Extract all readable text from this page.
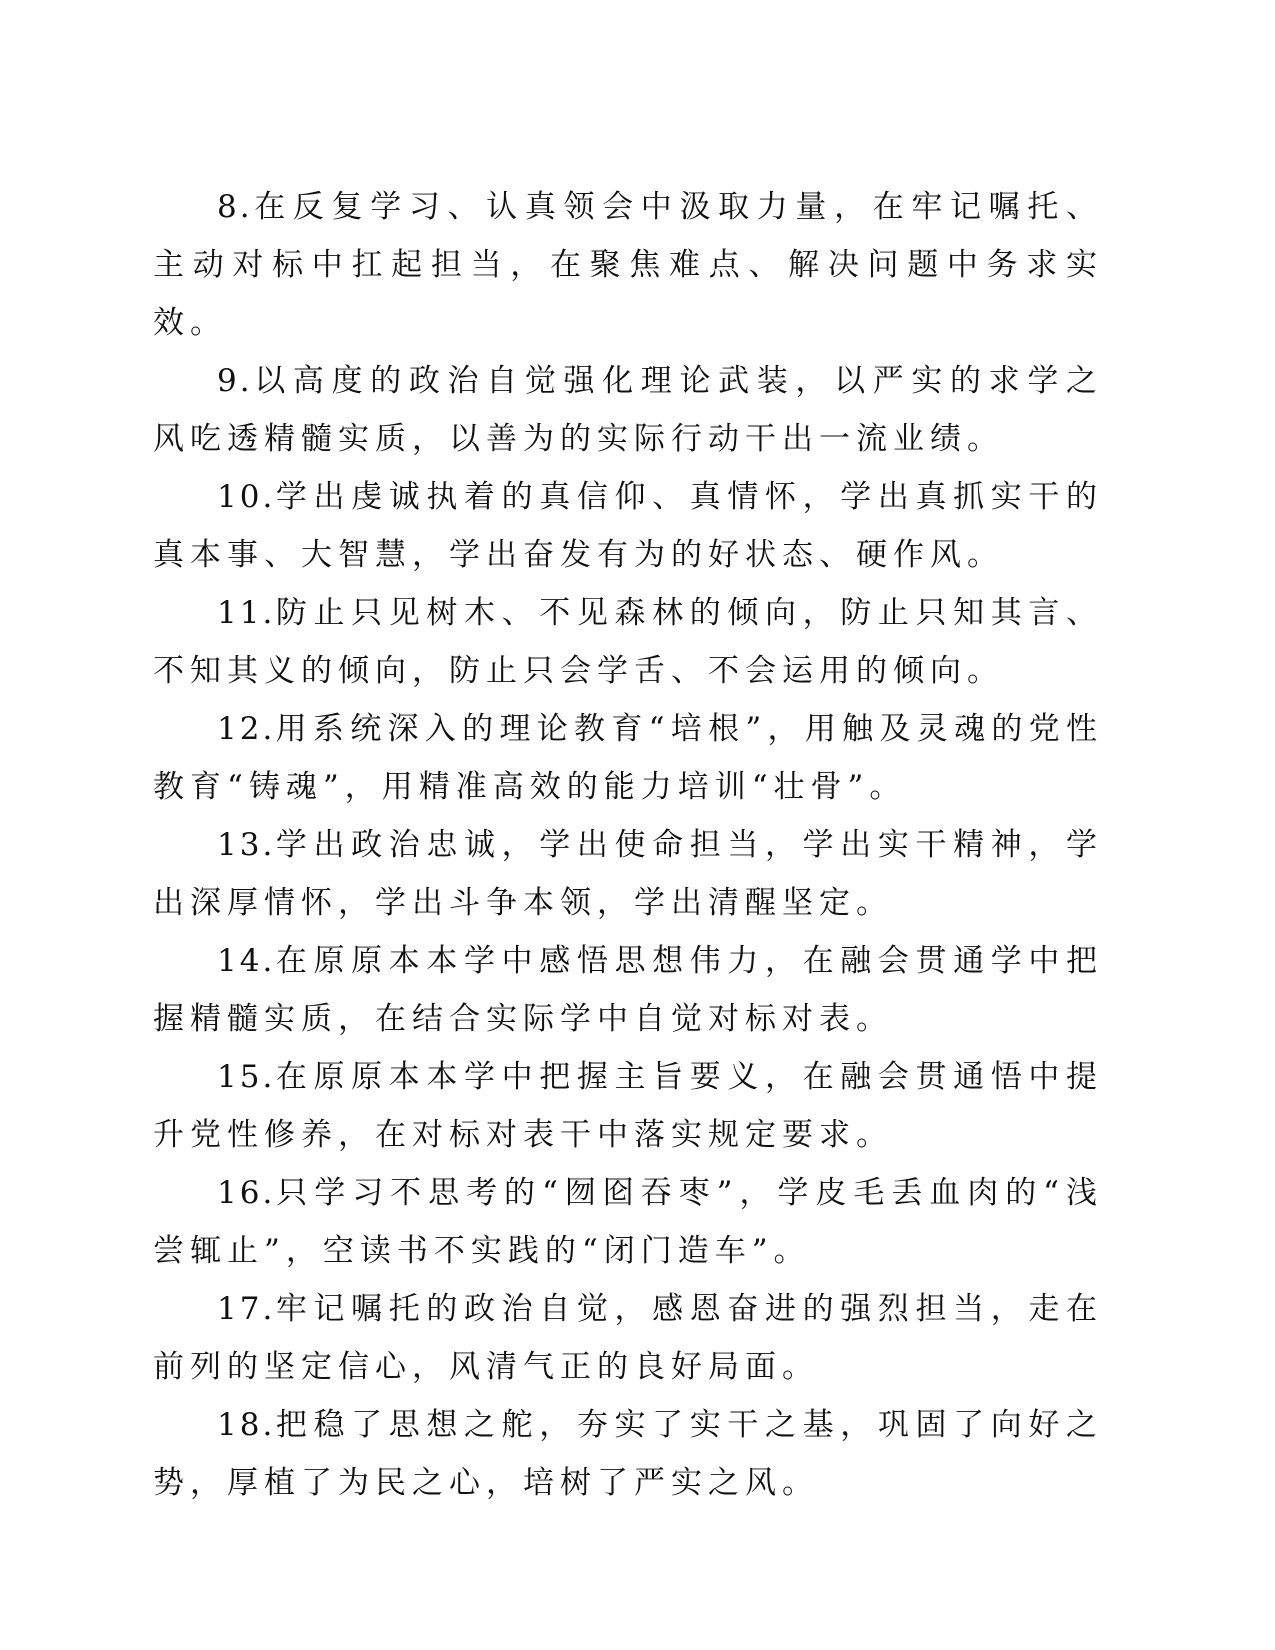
8.在反复学习、认真领会中汲取力量，在牢记嘱托、主动对标中扛起担当，在聚焦难点、解决问题中务求实效。

9.以高度的政治自觉强化理论武装，以严实的求学之风吃透精髓实质，以善为的实际行动干出一流业绩。

10.学出虔诚执着的真信仰、真情怀，学出真抓实干的真本事、大智慧，学出奋发有为的好状态、硬作风。

11.防止只见树木、不见森林的倾向，防止只知其言、不知其义的倾向，防止只会学舌、不会运用的倾向。

12.用系统深入的理论教育“培根”，用触及灵魂的党性教育“铸魂”，用精准高效的能力培训“壮骨”。

13.学出政治忠诚，学出使命担当，学出实干精神，学出深厚情怀，学出斗争本领，学出清醒坚定。

14.在原原本本学中感悟思想伟力，在融会贯通学中把握精髓实质，在结合实际学中自觉对标对表。

15.在原原本本学中把握主旨要义，在融会贯通悟中提升党性修养，在对标对表干中落实规定要求。

16.只学习不思考的“囫囵吞枣”，学皮毛丢血肉的“浅尝辄止”，空读书不实践的“闭门造车”。

17.牢记嘱托的政治自觉，感恩奋进的强烈担当，走在前列的坚定信心，风清气正的良好局面。

18.把稳了思想之舵，夯实了实干之基，巩固了向好之势，厚植了为民之心，培树了严实之风。
